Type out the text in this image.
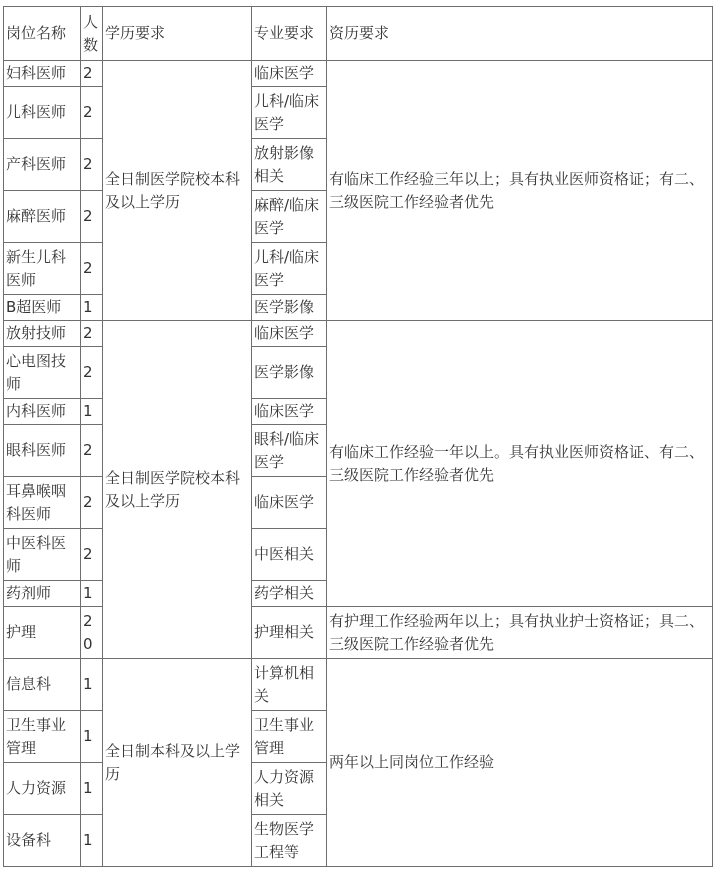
岗位名称	人数	学历要求	专业要求	资历要求
妇科医师	2	全日制医学院校本科及以上学历	临床医学	有临床工作经验三年以上；具有执业医师资格证；有二、三级医院工作经验者优先
儿科医师	2		儿科/临床医学	
产科医师	2		放射影像相关	
麻醉医师	2		麻醉/临床医学	
新生儿科医师	2		儿科/临床医学	
B超医师	1		医学影像	
放射技师	2	全日制医学院校本科及以上学历	临床医学	有临床工作经验一年以上。具有执业医师资格证、有二、三级医院工作经验者优先
心电图技师	2		医学影像	
内科医师	1		临床医学	
眼科医师	2		眼科/临床医学	
耳鼻喉咽科医师	2		临床医学	
中医科医师	2		中医相关	
药剂师	1		药学相关	
护理	20		护理相关	有护理工作经验两年以上；具有执业护士资格证；具二、三级医院工作经验者优先
信息科	1	全日制本科及以上学历	计算机相关	两年以上同岗位工作经验
卫生事业管理	1		卫生事业管理	
人力资源	1		人力资源相关	
设备科	1		生物医学工程等	
